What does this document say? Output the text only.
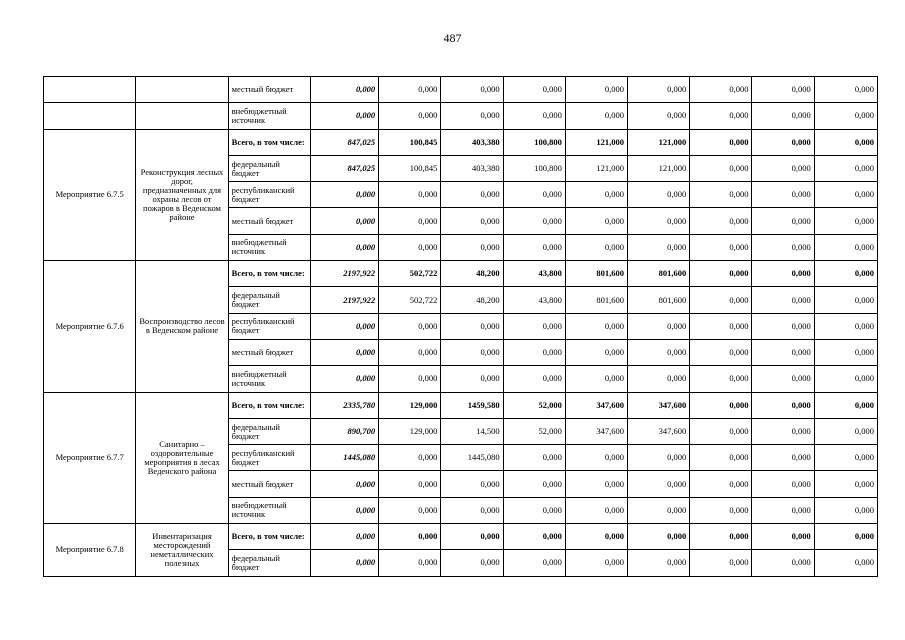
487
		местный бюджет	0,000	0,000	0,000	0,000	0,000	0,000	0,000	0,000	0,000
		внебюджетный источник	0,000	0,000	0,000	0,000	0,000	0,000	0,000	0,000	0,000
Мероприятие 6.7.5	Реконструкция лесных дорог, предназначенных для охраны лесов от пожаров в Веденском районе	Всего, в том числе:	847,025	100,845	403,380	100,800	121,000	121,000	0,000	0,000	0,000
		федеральный бюджет	847,025	100,845	403,380	100,800	121,000	121,000	0,000	0,000	0,000
		республиканский бюджет	0,000	0,000	0,000	0,000	0,000	0,000	0,000	0,000	0,000
		местный бюджет	0,000	0,000	0,000	0,000	0,000	0,000	0,000	0,000	0,000
		внебюджетный источник	0,000	0,000	0,000	0,000	0,000	0,000	0,000	0,000	0,000
Мероприятие 6.7.6	Воспроизводство лесов в Веденском районе	Всего, в том числе:	2197,922	502,722	48,200	43,800	801,600	801,600	0,000	0,000	0,000
		федеральный бюджет	2197,922	502,722	48,200	43,800	801,600	801,600	0,000	0,000	0,000
		республиканский бюджет	0,000	0,000	0,000	0,000	0,000	0,000	0,000	0,000	0,000
		местный бюджет	0,000	0,000	0,000	0,000	0,000	0,000	0,000	0,000	0,000
		внебюджетный источник	0,000	0,000	0,000	0,000	0,000	0,000	0,000	0,000	0,000
Мероприятие 6.7.7	Санитарно – оздоровительные мероприятия в лесах Веденского района	Всего, в том числе:	2335,780	129,000	1459,580	52,000	347,600	347,600	0,000	0,000	0,000
		федеральный бюджет	890,700	129,000	14,500	52,000	347,600	347,600	0,000	0,000	0,000
		республиканский бюджет	1445,080	0,000	1445,080	0,000	0,000	0,000	0,000	0,000	0,000
		местный бюджет	0,000	0,000	0,000	0,000	0,000	0,000	0,000	0,000	0,000
		внебюджетный источник	0,000	0,000	0,000	0,000	0,000	0,000	0,000	0,000	0,000
Мероприятие 6.7.8	Инвентаризация месторождений неметаллических полезных	Всего, в том числе:	0,000	0,000	0,000	0,000	0,000	0,000	0,000	0,000	0,000
		федеральный бюджет	0,000	0,000	0,000	0,000	0,000	0,000	0,000	0,000	0,000
